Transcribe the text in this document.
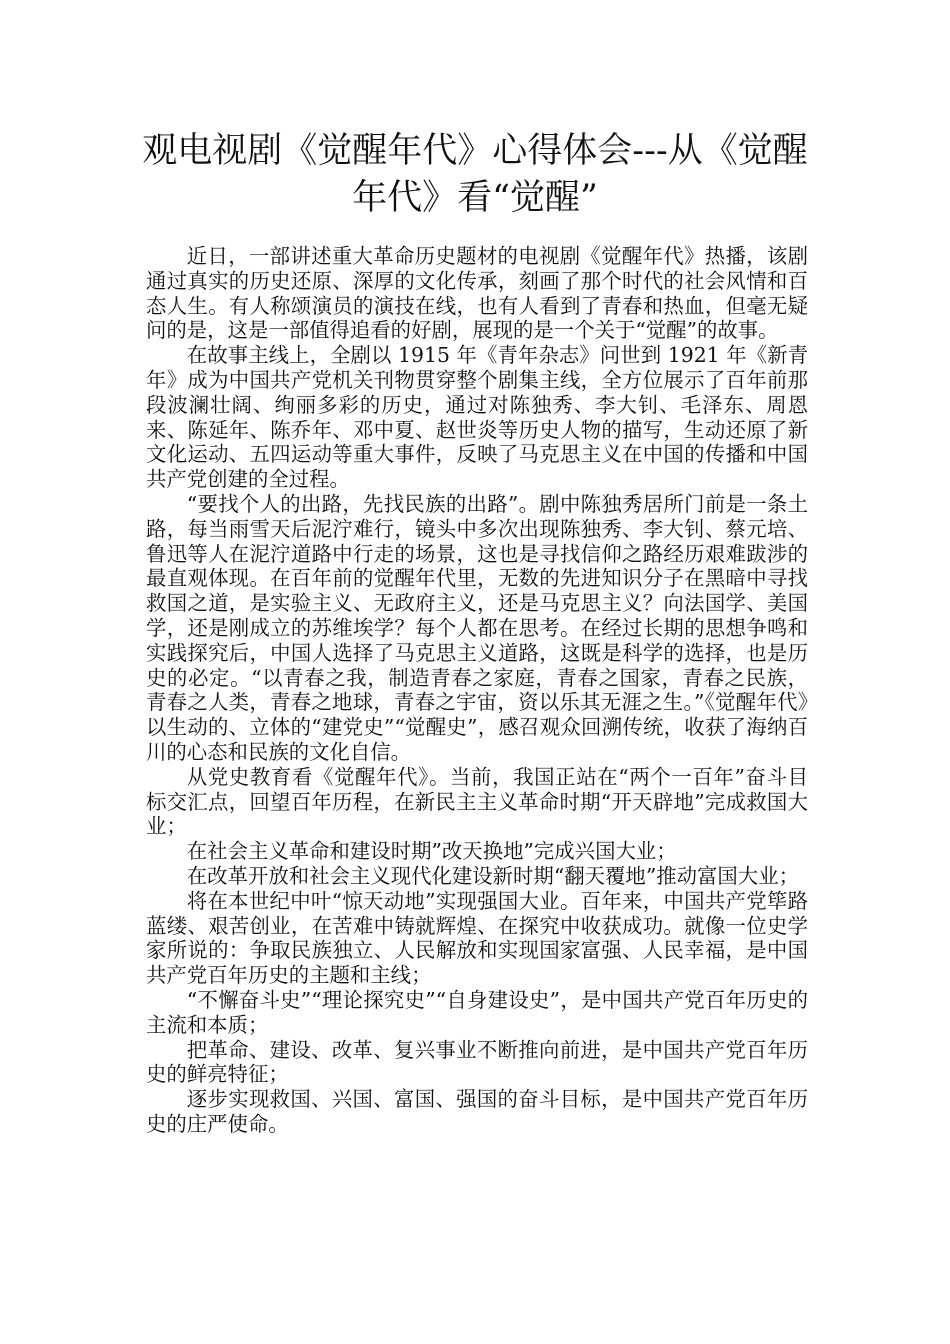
观电视剧《觉醒年代》心得体会---从《觉醒年代》看“觉醒”

近日，一部讲述重大革命历史题材的电视剧《觉醒年代》热播，该剧通过真实的历史还原、深厚的文化传承，刻画了那个时代的社会风情和百态人生。有人称颂演员的演技在线，也有人看到了青春和热血，但毫无疑问的是，这是一部值得追看的好剧，展现的是一个关于“觉醒”的故事。

在故事主线上，全剧以 1915 年《青年杂志》问世到 1921 年《新青年》成为中国共产党机关刊物贯穿整个剧集主线，全方位展示了百年前那段波澜壮阔、绚丽多彩的历史，通过对陈独秀、李大钊、毛泽东、周恩来、陈延年、陈乔年、邓中夏、赵世炎等历史人物的描写，生动还原了新文化运动、五四运动等重大事件，反映了马克思主义在中国的传播和中国共产党创建的全过程。

“要找个人的出路，先找民族的出路”。剧中陈独秀居所门前是一条土路，每当雨雪天后泥泞难行，镜头中多次出现陈独秀、李大钊、蔡元培、鲁迅等人在泥泞道路中行走的场景，这也是寻找信仰之路经历艰难跋涉的最直观体现。在百年前的觉醒年代里，无数的先进知识分子在黑暗中寻找救国之道，是实验主义、无政府主义，还是马克思主义？向法国学、美国学，还是刚成立的苏维埃学？每个人都在思考。在经过长期的思想争鸣和实践探究后，中国人选择了马克思主义道路，这既是科学的选择，也是历史的必定。“以青春之我，制造青春之家庭，青春之国家，青春之民族，青春之人类，青春之地球，青春之宇宙，资以乐其无涯之生。”《觉醒年代》以生动的、立体的“建党史”“觉醒史”，感召观众回溯传统，收获了海纳百川的心态和民族的文化自信。

从党史教育看《觉醒年代》。当前，我国正站在“两个一百年”奋斗目标交汇点，回望百年历程，在新民主主义革命时期“开天辟地”完成救国大业；

在社会主义革命和建设时期”改天换地”完成兴国大业；

在改革开放和社会主义现代化建设新时期“翻天覆地”推动富国大业；

将在本世纪中叶“惊天动地”实现强国大业。百年来，中国共产党筚路蓝缕、艰苦创业，在苦难中铸就辉煌、在探究中收获成功。就像一位史学家所说的：争取民族独立、人民解放和实现国家富强、人民幸福，是中国共产党百年历史的主题和主线；

“不懈奋斗史”“理论探究史”“自身建设史”，是中国共产党百年历史的主流和本质；

把革命、建设、改革、复兴事业不断推向前进，是中国共产党百年历史的鲜亮特征；

逐步实现救国、兴国、富国、强国的奋斗目标，是中国共产党百年历史的庄严使命。
